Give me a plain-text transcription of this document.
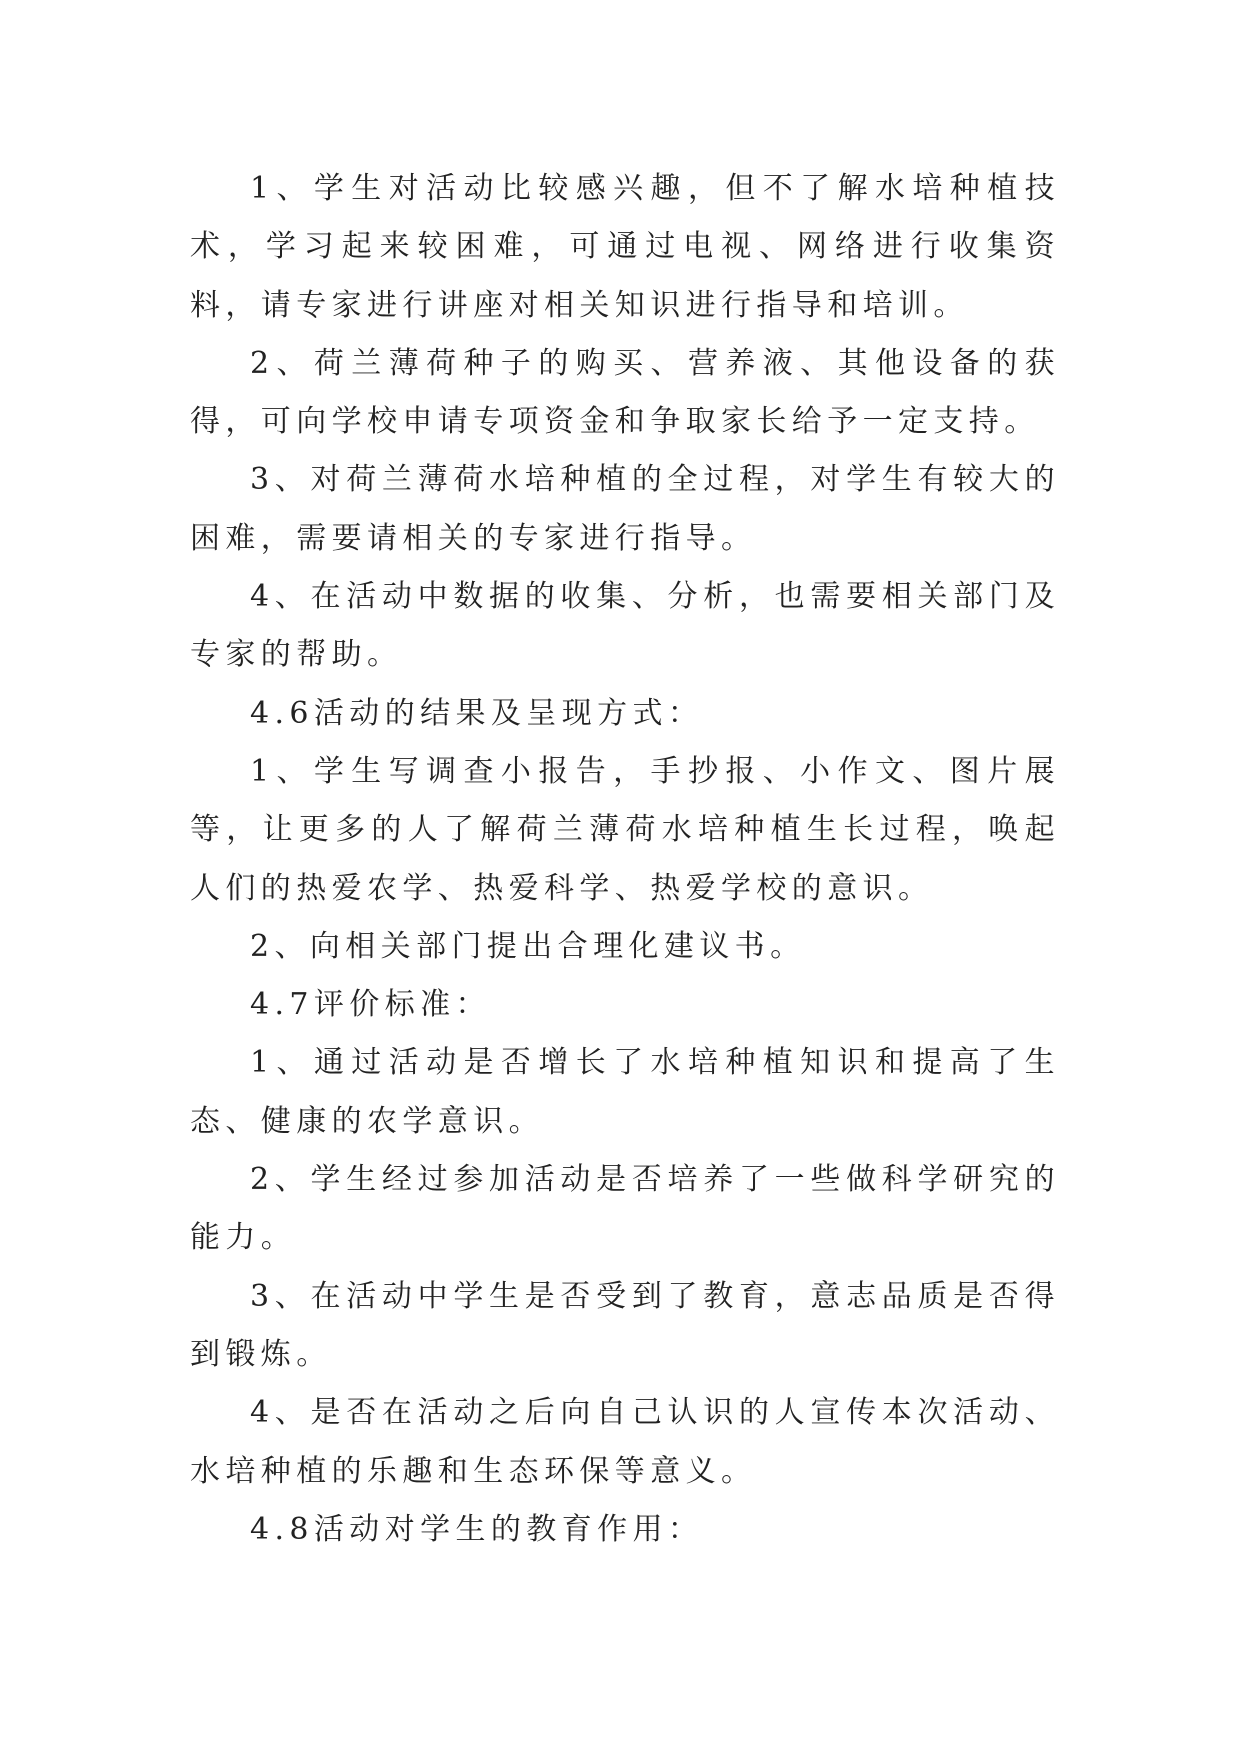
1、学生对活动比较感兴趣，但不了解水培种植技术，学习起来较困难，可通过电视、网络进行收集资料，请专家进行讲座对相关知识进行指导和培训。

2、荷兰薄荷种子的购买、营养液、其他设备的获得，可向学校申请专项资金和争取家长给予一定支持。

3、对荷兰薄荷水培种植的全过程，对学生有较大的困难，需要请相关的专家进行指导。

4、在活动中数据的收集、分析，也需要相关部门及专家的帮助。

4.6活动的结果及呈现方式：

1、学生写调查小报告，手抄报、小作文、图片展等，让更多的人了解荷兰薄荷水培种植生长过程，唤起人们的热爱农学、热爱科学、热爱学校的意识。

2、向相关部门提出合理化建议书。

4.7评价标准：

1、通过活动是否增长了水培种植知识和提高了生态、健康的农学意识。

2、学生经过参加活动是否培养了一些做科学研究的能力。

3、在活动中学生是否受到了教育，意志品质是否得到锻炼。

4、是否在活动之后向自己认识的人宣传本次活动、水培种植的乐趣和生态环保等意义。

4.8活动对学生的教育作用：
